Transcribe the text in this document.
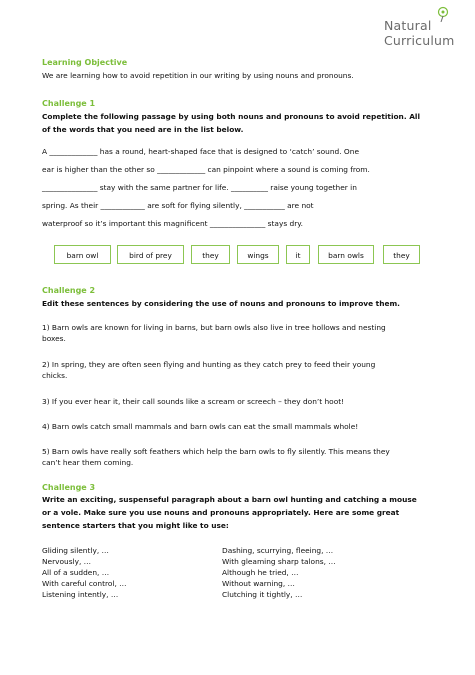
Natural
Curriculum
Learning Objective
We are learning how to avoid repetition in our writing by using nouns and pronouns.
Challenge 1
Complete the following passage by using both nouns and pronouns to avoid repetition. All
of the words that you need are in the list below.
A _____________ has a round, heart-shaped face that is designed to ‘catch’ sound. One
ear is higher than the other so _____________ can pinpoint where a sound is coming from.
_______________ stay with the same partner for life. __________ raise young together in
spring. As their ____________ are soft for flying silently, ___________ are not
waterproof so it’s important this magnificent _______________ stays dry.
barn owl	bird of prey	they	wings	it	barn owls	they
Challenge 2
Edit these sentences by considering the use of nouns and pronouns to improve them.
1) Barn owls are known for living in barns, but barn owls also live in tree hollows and nesting
boxes.
2) In spring, they are often seen flying and hunting as they catch prey to feed their young
chicks.
3) If you ever hear it, their call sounds like a scream or screech – they don’t hoot!
4) Barn owls catch small mammals and barn owls can eat the small mammals whole!
5) Barn owls have really soft feathers which help the barn owls to fly silently. This means they
can’t hear them coming.
Challenge 3
Write an exciting, suspenseful paragraph about a barn owl hunting and catching a mouse
or a vole. Make sure you use nouns and pronouns appropriately. Here are some great
sentence starters that you might like to use:
Gliding silently, …
Nervously, …
All of a sudden, …
With careful control, …
Listening intently, …
Dashing, scurrying, fleeing, …
With gleaming sharp talons, …
Although he tried, …
Without warning, …
Clutching it tightly, …
